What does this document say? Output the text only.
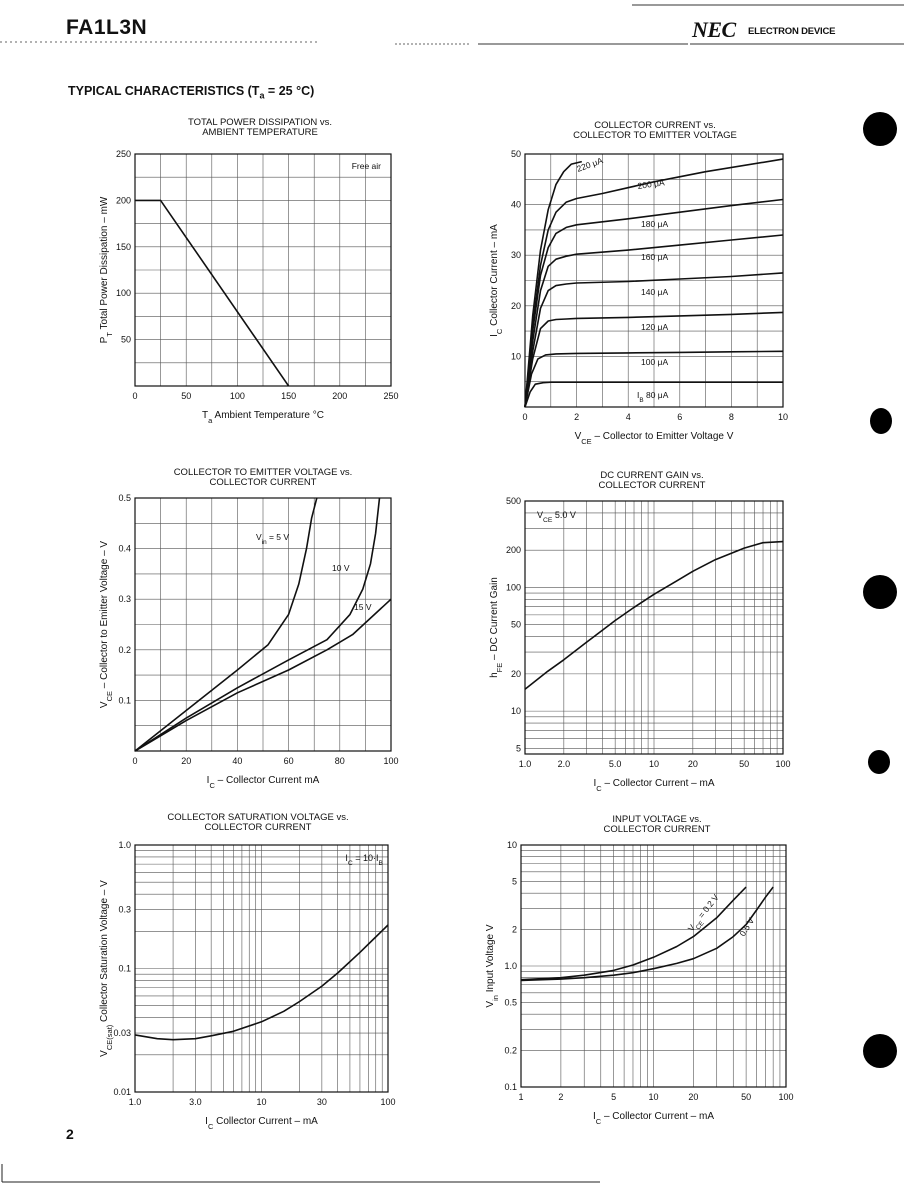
FA1L3N	NEC ELECTRON DEVICE
TYPICAL CHARACTERISTICS ($T_a = 25$ °C)
0	50	100	150	200	250
50
100
150
200
250
TOTAL POWER DISSIPATION vs.
AMBIENT TEMPERATURE
$T_a$ Ambient Temperature °C
$P_T$ Total Power Dissipation – mW
Free air
0	2	4	6	8	10
10
20
30
40
50
COLLECTOR CURRENT vs.
COLLECTOR TO EMITTER VOLTAGE
$V_{CE}$ – Collector to Emitter Voltage V
$I_C$ Collector Current – mA
220 μA
200 μA
180 μA
160 μA
140 μA
120 μA
100 μA
$I_B$ 80 μA
0	20	40	60	80	100
0.1
0.2
0.3
0.4
0.5
COLLECTOR TO EMITTER VOLTAGE vs.
COLLECTOR CURRENT
$I_C$ – Collector Current mA
$V_{CE}$ – Collector to Emitter Voltage – V
$V_{in} = 5$ V
10 V
15 V
1.0	2.0	5.0	10	20	50	100
5
10
20
50
100
200
500
DC CURRENT GAIN vs.
COLLECTOR CURRENT
$I_C$ – Collector Current – mA
$h_{FE}$ – DC Current Gain
$V_{CE}$ 5.0 V
1.0	3.0	10	30	100
0.01
0.03
0.1
0.3
1.0
COLLECTOR SATURATION VOLTAGE vs.
COLLECTOR CURRENT
$I_C$ Collector Current – mA
$V_{CE(sat)}$ Collector Saturation Voltage – V
$I_C = 10\cdot I_B$
1	2	5	10	20	50	100
0.1
0.2
0.5
1.0
2
5
10
INPUT VOLTAGE vs.
COLLECTOR CURRENT
$I_C$ – Collector Current – mA
$V_{in}$ Input Voltage V	$V_{CE} = 0.2$ V
0.5 V
2
